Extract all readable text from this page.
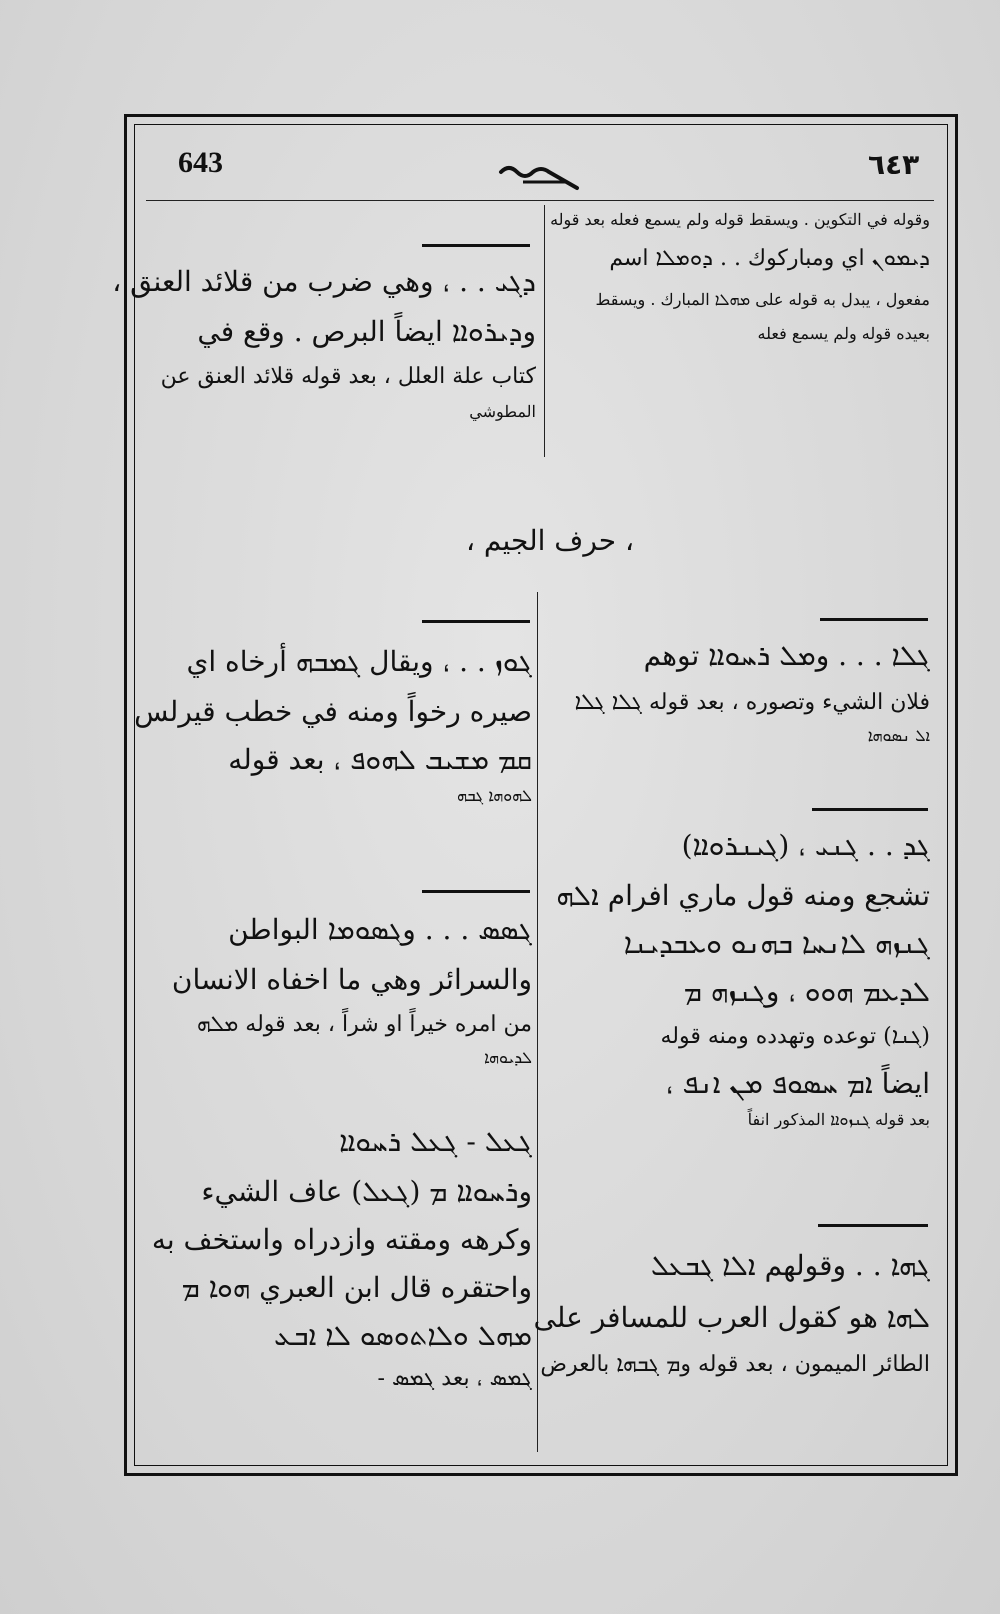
643	٦٤٣

وقوله في التكوين . ويسقط قوله ولم يسمع فعله بعد قوله

ܕܝܡܘܢ اي ومبارکوك . . ܕܘܡܠܐ اسم

مفعول ، يبدل به قوله على ܡܗܠܐ المبارك . ويسقط

بعيده قوله ولم يسمع فعله

ܕܓܝ . . ، وهي ضرب من قلائد العنق ،

وܕܝܪܘܐܐ ايضاً البرص . وقع في

كتاب علة العلل ، بعد قوله قلائد العنق عن

المطوشي

، حرف الجيم ،

ܓܠܐ . . . وܡܠ ܪܚܘܐܐ توهم

فلان الشيء وتصوره ، بعد قوله ܓܠܐ ܓܠܐ

ܐܠ ܢܣܘܗܐ

ܓܕ . . ܓܢܝ ، (ܓܝܢܪܘܐܐ)

تشجع ومنه قول ماري افرام ܐܠܗ

ܓܢܙܗ ܠܐܢܚܐ ܒܗܢܘ ܘܥܒܕܝܢܐ

ܠܕܥܡ ܗܘܘ ، وܓܢܙܗ ܡ

(ܓܢܐ) توعده وتهدده ومنه قوله

ايضاً ܐܡ ܚܣܘܦ ܡܢ ܐܢܦ ،

بعد قوله ܓܢܙܘܐܐ المذكور انفاً

ܓܗܐ . . وقولهم ܐܠܐ ܓܒܥܠ

ܠܗܐ هو كقول العرب للمسافر على

الطائر الميمون ، بعد قوله وܡ ܓܒܗܐ بالعرض

ܓܘܙ . . ، ويقال ܓܡܒܗ أرخاه اي

صيره رخواً ومنه في خطب قيرلس

ܩܡ ܡܫܝܒ ܠܗܘܦ ، بعد قوله

ܠܗܘܗܐ ܓܒܗ

ܓܣܣ . . . وܓܣܘܡܐ البواطن

والسرائر وهي ما اخفاه الانسان

من امره خيراً او شراً ، بعد قوله ܡܠܗ

ܠܕܝܘܗܐ

ܓܥܠ - ܓܥܠ ܪܚܘܐܐ

وܪܚܘܐܐ ܡ (ܓܥܠ) عاف الشيء

وكرهه ومقته وازدراه واستخف به

واحتقره قال ابن العبري ܗܘܐ ܡ

ܡܗܠ ܘܠܐܬܘܣܘ ܠܐ ܐܒܥ

ܓܡܣ ، بعد ܓܡܣ -
